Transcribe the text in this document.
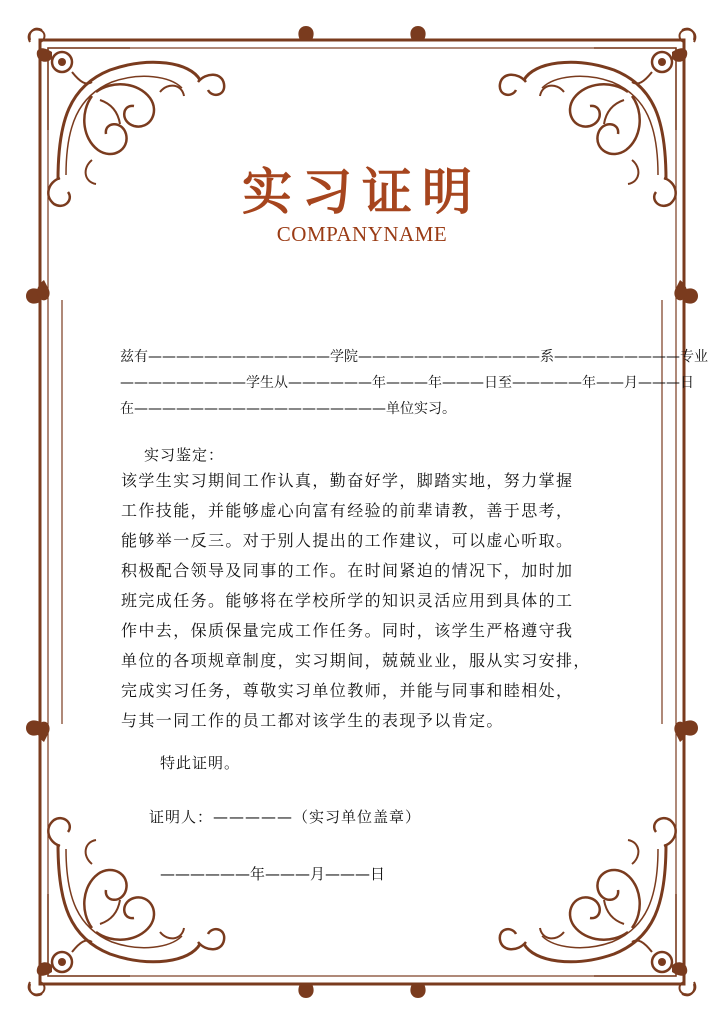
实习证明
COMPANYNAME
兹有—————————————学院—————————————系—————————专业
—————————学生从——————年———年———日至—————年——月———日
在——————————————————单位实习。
实习鉴定：
该学生实习期间工作认真，勤奋好学，脚踏实地，努力掌握
工作技能，并能够虚心向富有经验的前辈请教，善于思考，
能够举一反三。对于别人提出的工作建议，可以虚心听取。
积极配合领导及同事的工作。在时间紧迫的情况下，加时加
班完成任务。能够将在学校所学的知识灵活应用到具体的工
作中去，保质保量完成工作任务。同时，该学生严格遵守我
单位的各项规章制度，实习期间，兢兢业业，服从实习安排，
完成实习任务，尊敬实习单位教师，并能与同事和睦相处，
与其一同工作的员工都对该学生的表现予以肯定。
特此证明。
证明人：—————（实习单位盖章）
——————年———月———日
